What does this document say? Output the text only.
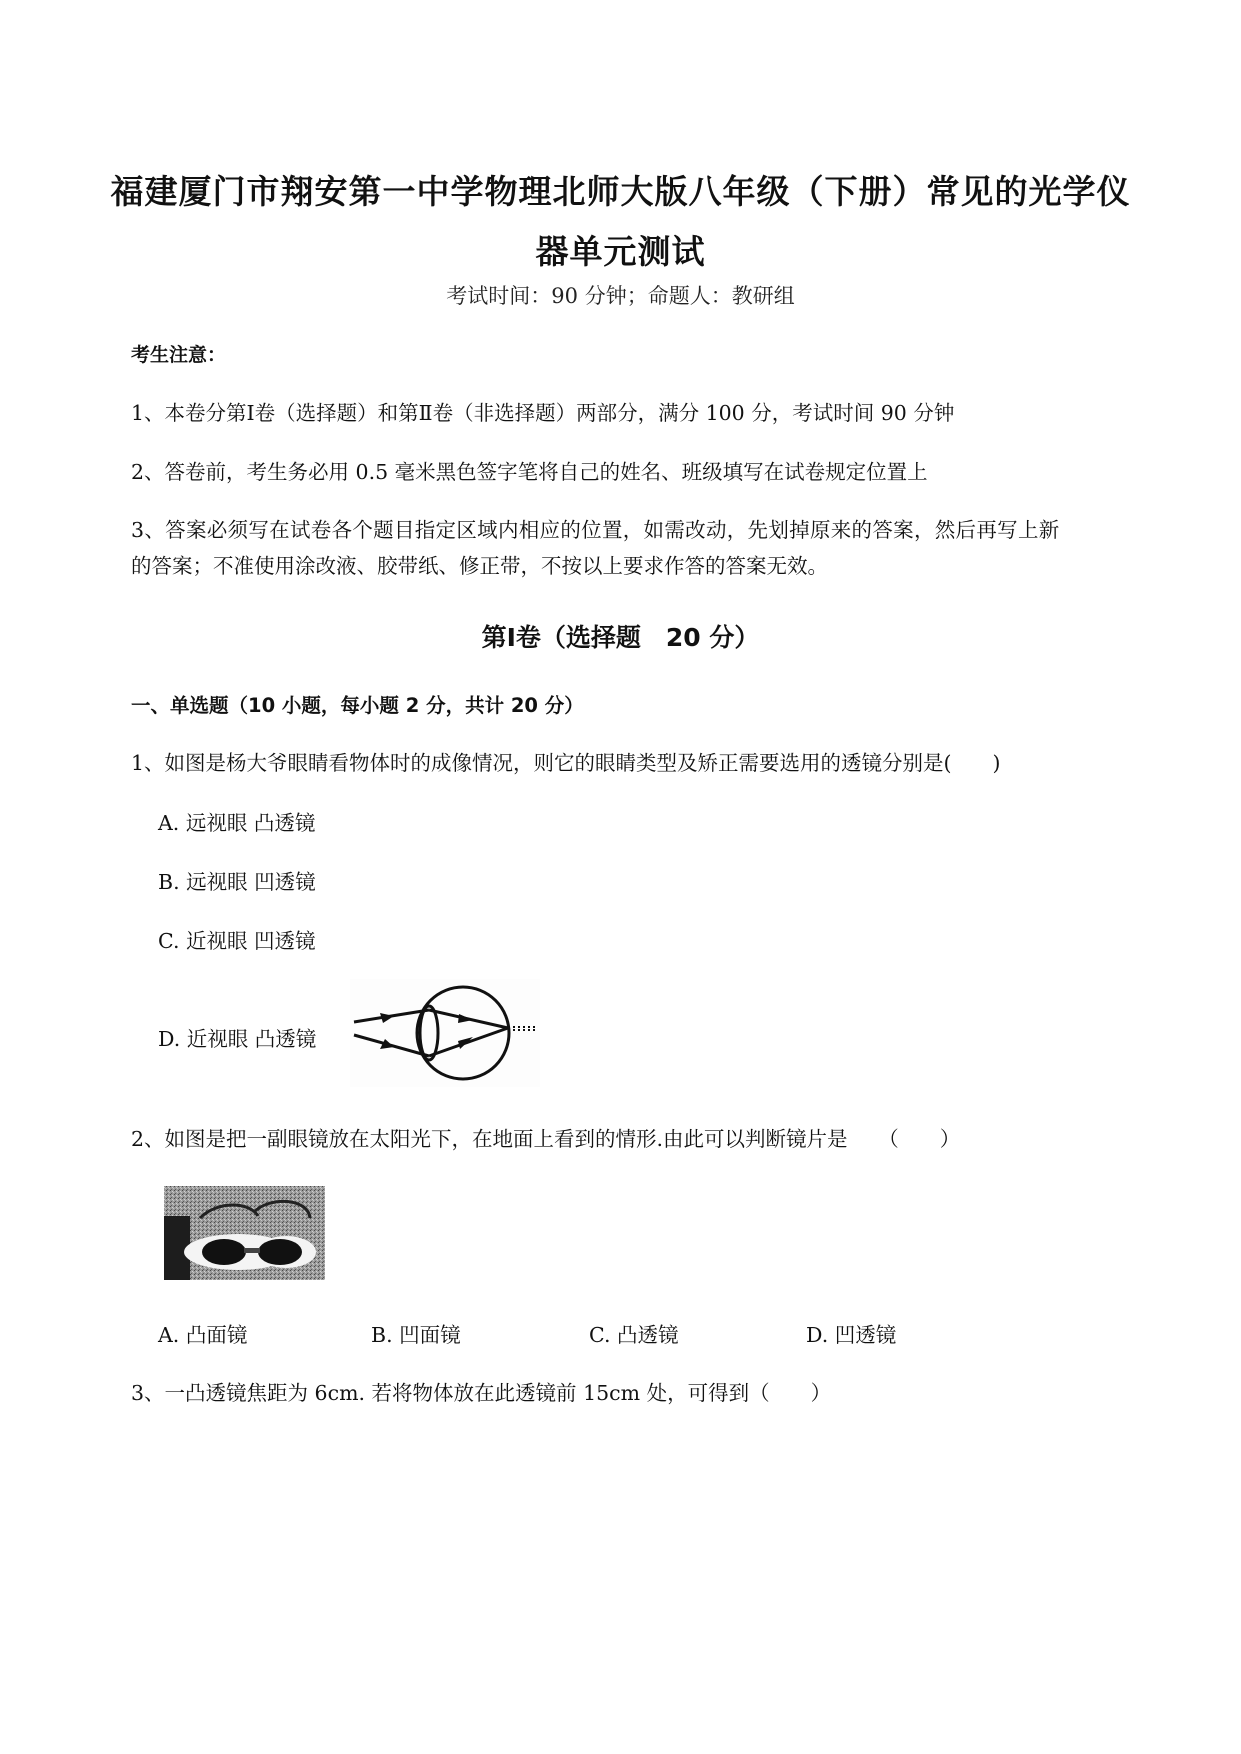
福建厦门市翔安第一中学物理北师大版八年级（下册）常见的光学仪
器单元测试
考试时间：90 分钟；命题人：教研组
考生注意：
1、本卷分第Ⅰ卷（选择题）和第Ⅱ卷（非选择题）两部分，满分 100 分，考试时间 90 分钟
2、答卷前，考生务必用 0.5 毫米黑色签字笔将自己的姓名、班级填写在试卷规定位置上
3、答案必须写在试卷各个题目指定区域内相应的位置，如需改动，先划掉原来的答案，然后再写上新
的答案；不准使用涂改液、胶带纸、修正带，不按以上要求作答的答案无效。
第Ⅰ卷（选择题　20 分）
一、单选题（10 小题，每小题 2 分，共计 20 分）
1、如图是杨大爷眼睛看物体时的成像情况，则它的眼睛类型及矫正需要选用的透镜分别是(　　)
A. 远视眼 凸透镜
B. 远视眼 凹透镜
C. 近视眼 凹透镜
D. 近视眼 凸透镜
2、如图是把一副眼镜放在太阳光下，在地面上看到的情形.由此可以判断镜片是　　（　　）
A. 凸面镜	B. 凹面镜	C. 凸透镜	D. 凹透镜
3、一凸透镜焦距为 6cm. 若将物体放在此透镜前 15cm 处，可得到（　　）
